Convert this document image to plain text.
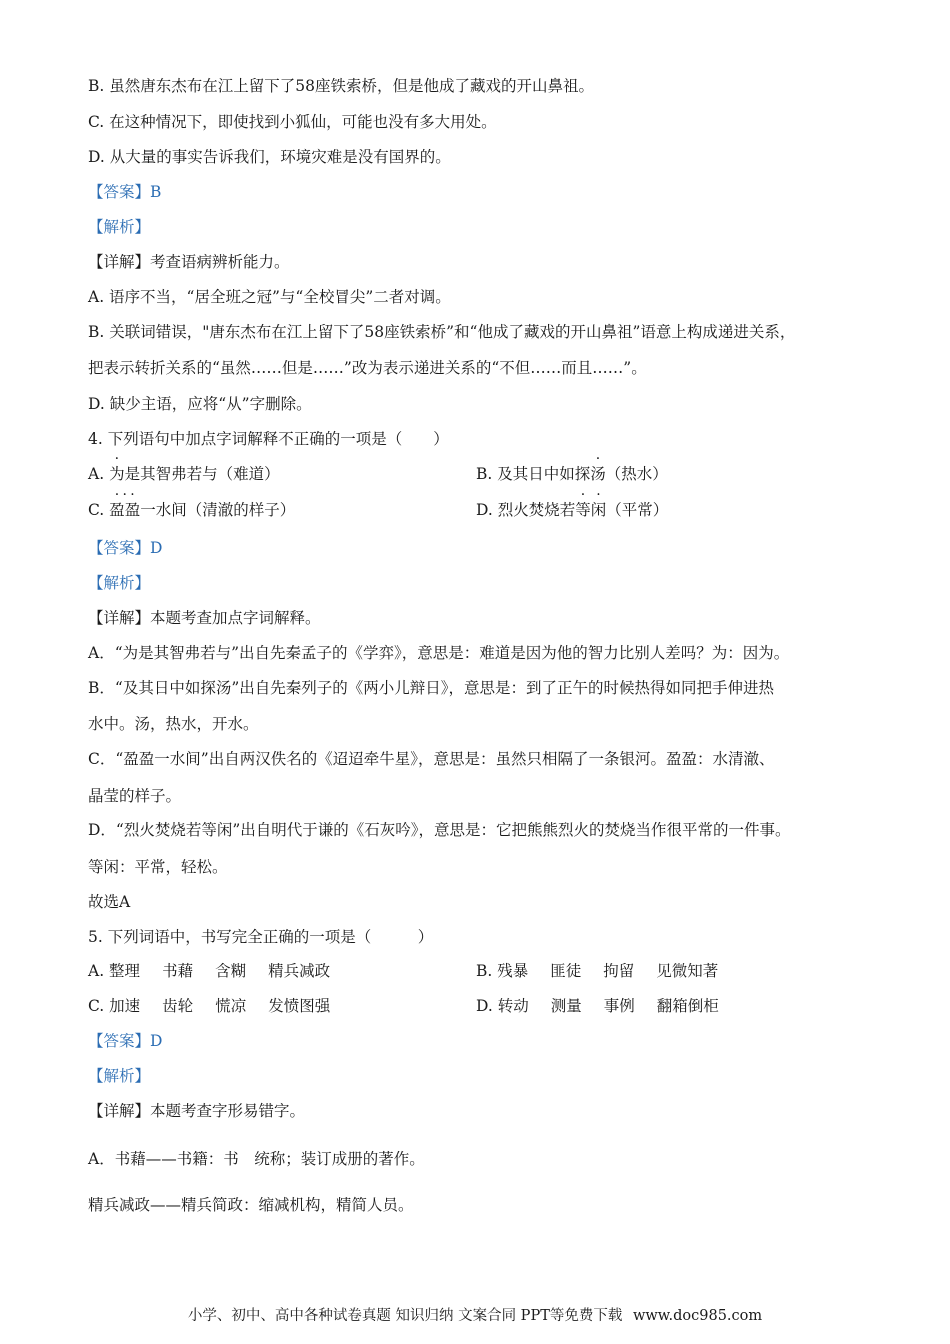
B. 虽然唐东杰布在江上留下了58座铁索桥，但是他成了藏戏的开山鼻祖。
C. 在这种情况下，即使找到小狐仙，可能也没有多大用处。
D. 从大量的事实告诉我们，环境灾难是没有国界的。
【答案】B
【解析】
【详解】考查语病辨析能力。
A. 语序不当，“居全班之冠”与“全校冒尖”二者对调。
B. 关联词错误，"唐东杰布在江上留下了58座铁索桥”和“他成了藏戏的开山鼻祖”语意上构成递进关系，
把表示转折关系的“虽然……但是……”改为表示递进关系的“不但……而且……”。
D. 缺少主语，应将“从”字删除。
4. 下列语句中加点字词解释不正确的一项是（　　）
A. 为是其智弗若与（难道）	B. 及其日中如探汤（热水）
C. 盈盈一水间（清澈的样子）	D. 烈火焚烧若等闲（平常）
【答案】D
【解析】
【详解】本题考查加点字词解释。
A．“为是其智弗若与”出自先秦孟子的《学弈》，意思是：难道是因为他的智力比别人差吗？为：因为。
B．“及其日中如探汤”出自先秦列子的《两小儿辩日》，意思是：到了正午的时候热得如同把手伸进热
水中。汤，热水，开水。
C．“盈盈一水间”出自两汉佚名的《迢迢牵牛星》，意思是：虽然只相隔了一条银河。盈盈：水清澈、
晶莹的样子。
D．“烈火焚烧若等闲”出自明代于谦的《石灰吟》，意思是：它把熊熊烈火的焚烧当作很平常的一件事。
等闲：平常，轻松。
故选A
5. 下列词语中，书写完全正确的一项是（　　　）
A. 整理 书藉 含糊 精兵减政	B. 残暴 匪徒 拘留 见微知著
C. 加速 齿轮 慌凉 发愤图强	D. 转动 测量 事例 翻箱倒柜
【答案】D
【解析】
【详解】本题考查字形易错字。
A．书藉——书籍：书　统称；装订成册的著作。
精兵减政——精兵简政：缩减机构，精简人员。
小学、初中、高中各种试卷真题 知识归纳 文案合同 PPT等免费下载 www.doc985.com
